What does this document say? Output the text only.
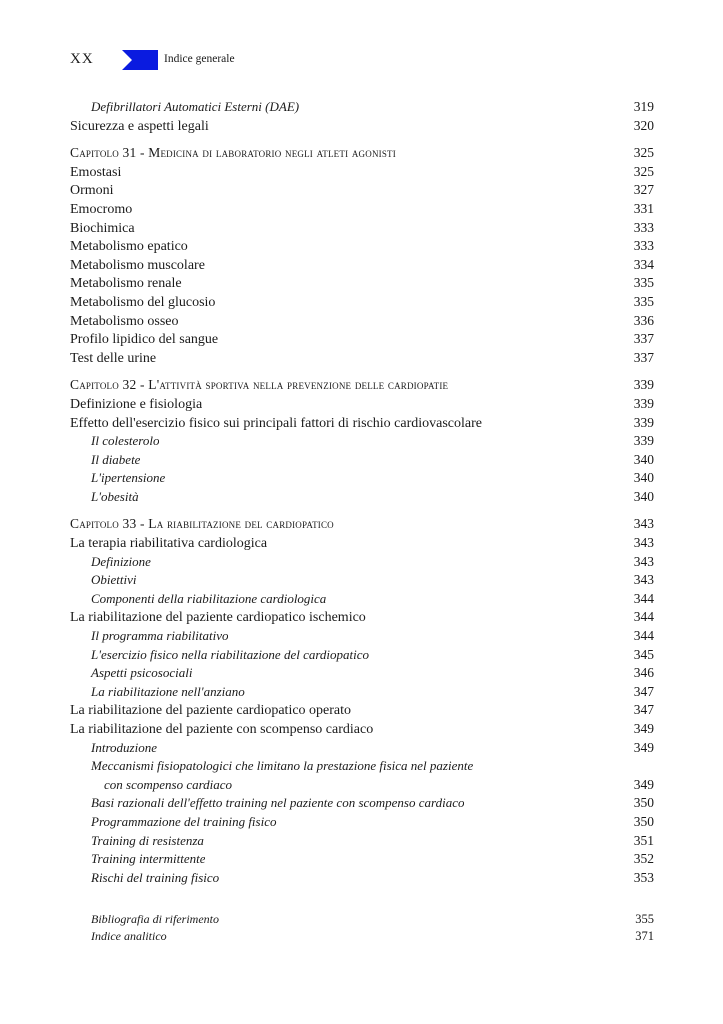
XX	Indice generale
Defibrillatori Automatici Esterni (DAE)	319
Sicurezza e aspetti legali	320
Capitolo 31 - Medicina di laboratorio negli atleti agonisti	325
Emostasi	325
Ormoni	327
Emocromo	331
Biochimica	333
Metabolismo epatico	333
Metabolismo muscolare	334
Metabolismo renale	335
Metabolismo del glucosio	335
Metabolismo osseo	336
Profilo lipidico del sangue	337
Test delle urine	337
Capitolo 32 - L'attività sportiva nella prevenzione delle cardiopatie	339
Definizione e fisiologia	339
Effetto dell'esercizio fisico sui principali fattori di rischio cardiovascolare	339
Il colesterolo	339
Il diabete	340
L'ipertensione	340
L'obesità	340
Capitolo 33 - La riabilitazione del cardiopatico	343
La terapia riabilitativa cardiologica	343
Definizione	343
Obiettivi	343
Componenti della riabilitazione cardiologica	344
La riabilitazione del paziente cardiopatico ischemico	344
Il programma riabilitativo	344
L'esercizio fisico nella riabilitazione del cardiopatico	345
Aspetti psicosociali	346
La riabilitazione nell'anziano	347
La riabilitazione del paziente cardiopatico operato	347
La riabilitazione del paziente con scompenso cardiaco	349
Introduzione	349
Meccanismi fisiopatologici che limitano la prestazione fisica nel paziente
con scompenso cardiaco	349
Basi razionali dell'effetto training nel paziente con scompenso cardiaco	350
Programmazione del training fisico	350
Training di resistenza	351
Training intermittente	352
Rischi del training fisico	353
Bibliografia di riferimento	355
Indice analitico	371
